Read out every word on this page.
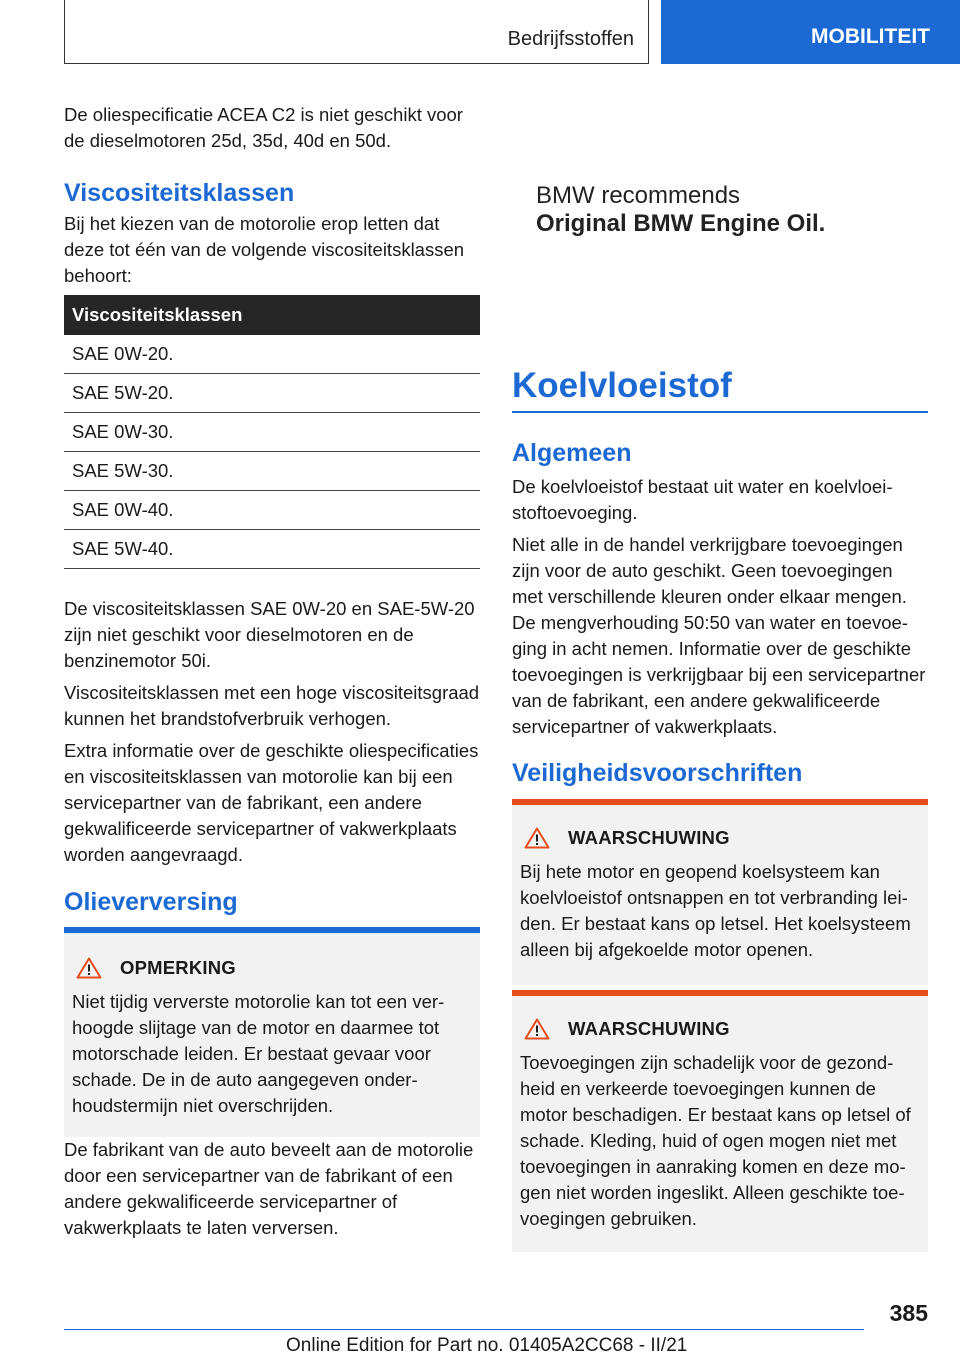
Bedrijfsstoffen	MOBILITEIT

De oliespecificatie ACEA C2 is niet geschikt voor de dieselmotoren 25d, 35d, 40d en 50d.

Viscositeitsklassen

Bij het kiezen van de motorolie erop letten dat deze tot één van de volgende viscositeitsklassen behoort:

Viscositeitsklassen
SAE 0W-20.
SAE 5W-20.
SAE 0W-30.
SAE 5W-30.
SAE 0W-40.
SAE 5W-40.

De viscositeitsklassen SAE 0W-20 en SAE-5W-20 zijn niet geschikt voor dieselmotoren en de benzinemotor 50i.

Viscositeitsklassen met een hoge viscositeitsgraad kunnen het brandstofverbruik verhogen.

Extra informatie over de geschikte oliespecificaties en viscositeitsklassen van motorolie kan bij een servicepartner van de fabrikant, een andere gekwalificeerde servicepartner of vakwerkplaats worden aangevraagd.

Olieverversing
OPMERKING

Niet tijdig ververste motorolie kan tot een verhoogde slijtage van de motor en daarmee tot motorschade leiden. Er bestaat gevaar voor schade. De in de auto aangegeven onderhoudstermijn niet overschrijden.

De fabrikant van de auto beveelt aan de motorolie door een servicepartner van de fabrikant of een andere gekwalificeerde servicepartner of vakwerkplaats te laten verversen.

BMW recommends
Original BMW Engine Oil.
Koelvloeistof
Algemeen

De koelvloeistof bestaat uit water en koelvloeistoftoevoeging.

Niet alle in de handel verkrijgbare toevoegingen zijn voor de auto geschikt. Geen toevoegingen met verschillende kleuren onder elkaar mengen. De mengverhouding 50:50 van water en toevoeging in acht nemen. Informatie over de geschikte toevoegingen is verkrijgbaar bij een servicepartner van de fabrikant, een andere gekwalificeerde servicepartner of vakwerkplaats.

Veiligheidsvoorschriften
WAARSCHUWING

Bij hete motor en geopend koelsysteem kan koelvloeistof ontsnappen en tot verbranding leiden. Er bestaat kans op letsel. Het koelsysteem alleen bij afgekoelde motor openen.

WAARSCHUWING

Toevoegingen zijn schadelijk voor de gezondheid en verkeerde toevoegingen kunnen de motor beschadigen. Er bestaat kans op letsel of schade. Kleding, huid of ogen mogen niet met toevoegingen in aanraking komen en deze mogen niet worden ingeslikt. Alleen geschikte toevoegingen gebruiken.

385
Online Edition for Part no. 01405A2CC68 - II/21
